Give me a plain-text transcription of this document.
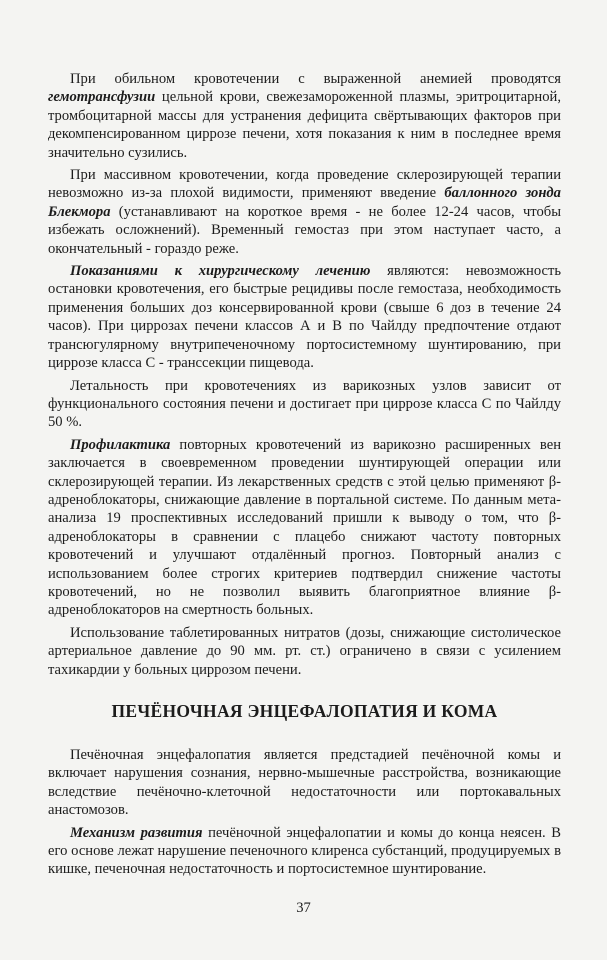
При обильном кровотечении с выраженной анемией проводятся гемотрансфузии цельной крови, свежезамороженной плазмы, эритроцитарной, тромбоцитарной массы для устранения дефицита свёртывающих факторов при декомпенсированном циррозе печени, хотя показания к ним в последнее время значительно сузились.

При массивном кровотечении, когда проведение склерозирующей терапии невозможно из-за плохой видимости, применяют введение баллонного зонда Блекмора (устанавливают на короткое время - не более 12-24 часов, чтобы избежать осложнений). Временный гемостаз при этом наступает часто, а окончательный - гораздо реже.

Показаниями к хирургическому лечению являются: невозможность остановки кровотечения, его быстрые рецидивы после гемостаза, необходимость применения больших доз консервированной крови (свыше 6 доз в течение 24 часов). При циррозах печени классов А и В по Чайлду предпочтение отдают трансюгулярному внутрипеченочному портосистемному шунтированию, при циррозе класса С - транссекции пищевода.

Летальность при кровотечениях из варикозных узлов зависит от функционального состояния печени и достигает при циррозе класса С по Чайлду 50 %.

Профилактика повторных кровотечений из варикозно расширенных вен заключается в своевременном проведении шунтирующей операции или склерозирующей терапии. Из лекарственных средств с этой целью применяют β-адреноблокаторы, снижающие давление в портальной системе. По данным мета-анализа 19 проспективных исследований пришли к выводу о том, что β-адреноблокаторы в сравнении с плацебо снижают частоту повторных кровотечений и улучшают отдалённый прогноз. Повторный анализ с использованием более строгих критериев подтвердил снижение частоты кровотечений, но не позволил выявить благоприятное влияние β-адреноблокаторов на смертность больных.

Использование таблетированных нитратов (дозы, снижающие систолическое артериальное давление до 90 мм. рт. ст.) ограничено в связи с усилением тахикардии у больных циррозом печени.

ПЕЧЁНОЧНАЯ ЭНЦЕФАЛОПАТИЯ И КОМА

Печёночная энцефалопатия является предстадией печёночной комы и включает нарушения сознания, нервно-мышечные расстройства, возникающие вследствие печёночно-клеточной недостаточности или портокавальных анастомозов.

Механизм развития печёночной энцефалопатии и комы до конца неясен. В его основе лежат нарушение печеночного клиренса субстанций, продуцируемых в кишке, печеночная недостаточность и портосистемное шунтирование.

37
